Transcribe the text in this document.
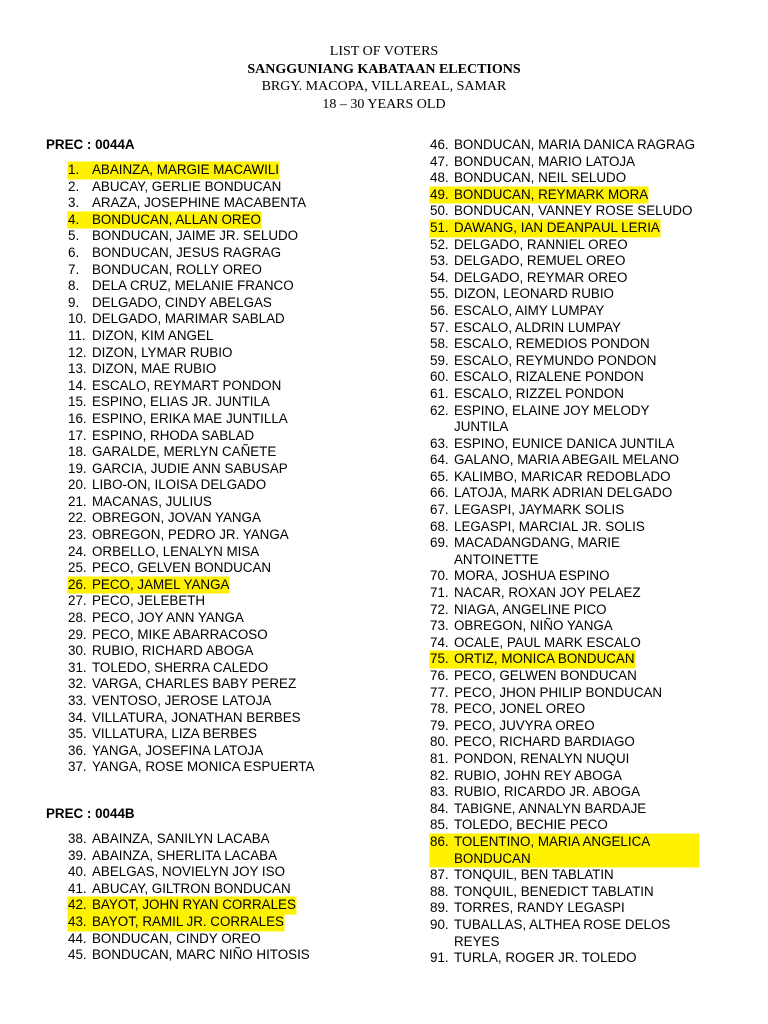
LIST OF VOTERS
SANGGUNIANG KABATAAN ELECTIONS
BRGY. MACOPA, VILLAREAL, SAMAR
18 – 30 YEARS OLD
PREC : 0044A
1. ABAINZA, MARGIE MACAWILI
2. ABUCAY, GERLIE BONDUCAN
3. ARAZA, JOSEPHINE MACABENTA
4. BONDUCAN, ALLAN OREO
5. BONDUCAN, JAIME JR. SELUDO
6. BONDUCAN, JESUS RAGRAG
7. BONDUCAN, ROLLY OREO
8. DELA CRUZ, MELANIE FRANCO
9. DELGADO, CINDY ABELGAS
10. DELGADO, MARIMAR SABLAD
11. DIZON, KIM ANGEL
12. DIZON, LYMAR RUBIO
13. DIZON, MAE RUBIO
14. ESCALO, REYMART PONDON
15. ESPINO, ELIAS JR. JUNTILA
16. ESPINO, ERIKA MAE JUNTILLA
17. ESPINO, RHODA SABLAD
18. GARALDE, MERLYN CAÑETE
19. GARCIA, JUDIE ANN SABUSAP
20. LIBO-ON, ILOISA DELGADO
21. MACANAS, JULIUS
22. OBREGON, JOVAN YANGA
23. OBREGON, PEDRO JR. YANGA
24. ORBELLO, LENALYN MISA
25. PECO, GELVEN BONDUCAN
26. PECO, JAMEL YANGA
27. PECO, JELEBETH
28. PECO, JOY ANN YANGA
29. PECO, MIKE ABARRACOSO
30. RUBIO, RICHARD ABOGA
31. TOLEDO, SHERRA CALEDO
32. VARGA, CHARLES BABY PEREZ
33. VENTOSO, JEROSE LATOJA
34. VILLATURA, JONATHAN BERBES
35. VILLATURA, LIZA BERBES
36. YANGA, JOSEFINA LATOJA
37. YANGA, ROSE MONICA ESPUERTA
PREC : 0044B
38. ABAINZA, SANILYN LACABA
39. ABAINZA, SHERLITA LACABA
40. ABELGAS, NOVIELYN JOY ISO
41. ABUCAY, GILTRON BONDUCAN
42. BAYOT, JOHN RYAN CORRALES
43. BAYOT, RAMIL JR. CORRALES
44. BONDUCAN, CINDY OREO
45. BONDUCAN, MARC NIÑO HITOSIS
46. BONDUCAN, MARIA DANICA RAGRAG
47. BONDUCAN, MARIO LATOJA
48. BONDUCAN, NEIL SELUDO
49. BONDUCAN, REYMARK MORA
50. BONDUCAN, VANNEY ROSE SELUDO
51. DAWANG, IAN DEANPAUL LERIA
52. DELGADO, RANNIEL OREO
53. DELGADO, REMUEL OREO
54. DELGADO, REYMAR OREO
55. DIZON, LEONARD RUBIO
56. ESCALO, AIMY LUMPAY
57. ESCALO, ALDRIN LUMPAY
58. ESCALO, REMEDIOS PONDON
59. ESCALO, REYMUNDO PONDON
60. ESCALO, RIZALENE PONDON
61. ESCALO, RIZZEL PONDON
62. ESPINO, ELAINE JOY MELODY JUNTILA
63. ESPINO, EUNICE DANICA JUNTILA
64. GALANO, MARIA ABEGAIL MELANO
65. KALIMBO, MARICAR REDOBLADO
66. LATOJA, MARK ADRIAN DELGADO
67. LEGASPI, JAYMARK SOLIS
68. LEGASPI, MARCIAL JR. SOLIS
69. MACADANGDANG, MARIE ANTOINETTE
70. MORA, JOSHUA ESPINO
71. NACAR, ROXAN JOY PELAEZ
72. NIAGA, ANGELINE PICO
73. OBREGON, NIÑO YANGA
74. OCALE, PAUL MARK ESCALO
75. ORTIZ, MONICA BONDUCAN
76. PECO, GELWEN BONDUCAN
77. PECO, JHON PHILIP BONDUCAN
78. PECO, JONEL OREO
79. PECO, JUVYRA OREO
80. PECO, RICHARD BARDIAGO
81. PONDON, RENALYN NUQUI
82. RUBIO, JOHN REY ABOGA
83. RUBIO, RICARDO JR. ABOGA
84. TABIGNE, ANNALYN BARDAJE
85. TOLEDO, BECHIE PECO
86. TOLENTINO, MARIA ANGELICA BONDUCAN
87. TONQUIL, BEN TABLATIN
88. TONQUIL, BENEDICT TABLATIN
89. TORRES, RANDY LEGASPI
90. TUBALLAS, ALTHEA ROSE DELOS REYES
91. TURLA, ROGER JR. TOLEDO
